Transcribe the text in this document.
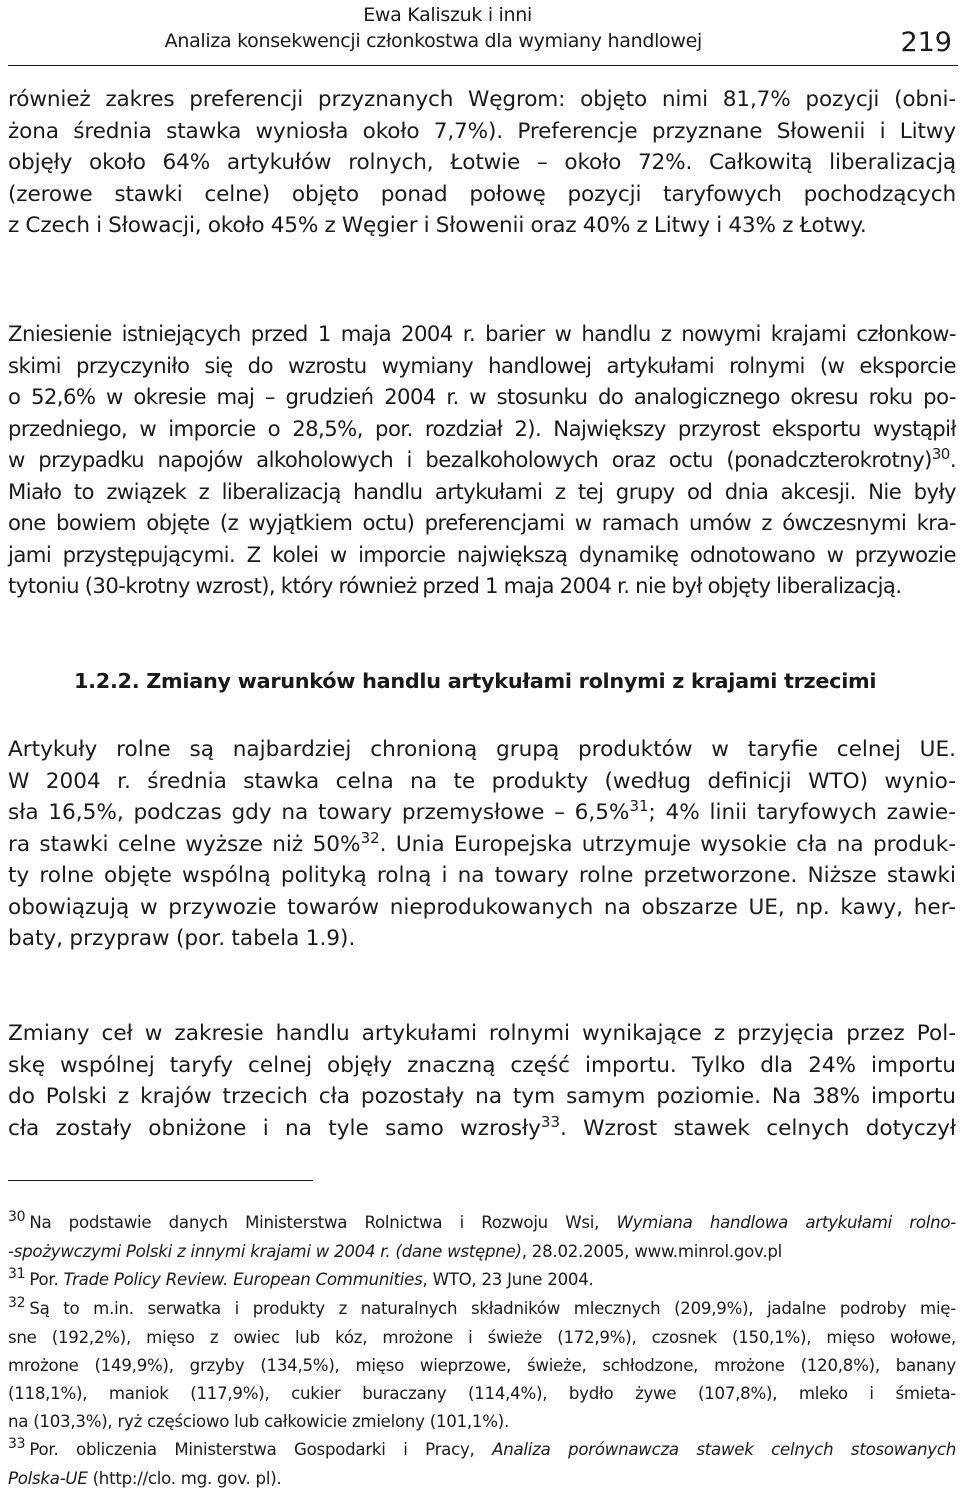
Ewa Kaliszuk i inni
Analiza konsekwencji członkostwa dla wymiany handlowej	219
również zakres preferencji przyznanych Węgrom: objęto nimi 81,7% pozycji (obni-
żona średnia stawka wyniosła około 7,7%). Preferencje przyznane Słowenii i Litwy
objęły około 64% artykułów rolnych, Łotwie – około 72%. Całkowitą liberalizacją
(zerowe stawki celne) objęto ponad połowę pozycji taryfowych pochodzących
z Czech i Słowacji, około 45% z Węgier i Słowenii oraz 40% z Litwy i 43% z Łotwy.
Zniesienie istniejących przed 1 maja 2004 r. barier w handlu z nowymi krajami członkow-
skimi przyczyniło się do wzrostu wymiany handlowej artykułami rolnymi (w eksporcie
o 52,6% w okresie maj – grudzień 2004 r. w stosunku do analogicznego okresu roku po-
przedniego, w imporcie o 28,5%, por. rozdział 2). Największy przyrost eksportu wystąpił
w przypadku napojów alkoholowych i bezalkoholowych oraz octu (ponadczterokrotny)$^{30}$.
Miało to związek z liberalizacją handlu artykułami z tej grupy od dnia akcesji. Nie były
one bowiem objęte (z wyjątkiem octu) preferencjami w ramach umów z ówczesnymi kra-
jami przystępującymi. Z kolei w imporcie największą dynamikę odnotowano w przywozie
tytoniu (30-krotny wzrost), który również przed 1 maja 2004 r. nie był objęty liberalizacją.
1.2.2. Zmiany warunków handlu artykułami rolnymi z krajami trzecimi
Artykuły rolne są najbardziej chronioną grupą produktów w taryfie celnej UE.
W 2004 r. średnia stawka celna na te produkty (według definicji WTO) wynio-
sła 16,5%, podczas gdy na towary przemysłowe – 6,5%$^{31}$; 4% linii taryfowych zawie-
ra stawki celne wyższe niż 50%$^{32}$. Unia Europejska utrzymuje wysokie cła na produk-
ty rolne objęte wspólną polityką rolną i na towary rolne przetworzone. Niższe stawki
obowiązują w przywozie towarów nieprodukowanych na obszarze UE, np. kawy, her-
baty, przypraw (por. tabela 1.9).
Zmiany ceł w zakresie handlu artykułami rolnymi wynikające z przyjęcia przez Pol-
skę wspólnej taryfy celnej objęły znaczną część importu. Tylko dla 24% importu
do Polski z krajów trzecich cła pozostały na tym samym poziomie. Na 38% importu
cła zostały obniżone i na tyle samo wzrosły$^{33}$. Wzrost stawek celnych dotyczył
$^{30}$ Na podstawie danych Ministerstwa Rolnictwa i Rozwoju Wsi, Wymiana handlowa artykułami rolno-
-spożywczymi Polski z innymi krajami w 2004 r. (dane wstępne), 28.02.2005, www.minrol.gov.pl
$^{31}$ Por. Trade Policy Review. European Communities, WTO, 23 June 2004.
$^{32}$ Są to m.in. serwatka i produkty z naturalnych składników mlecznych (209,9%), jadalne podroby mię-
sne (192,2%), mięso z owiec lub kóz, mrożone i świeże (172,9%), czosnek (150,1%), mięso wołowe,
mrożone (149,9%), grzyby (134,5%), mięso wieprzowe, świeże, schłodzone, mrożone (120,8%), banany
(118,1%), maniok (117,9%), cukier buraczany (114,4%), bydło żywe (107,8%), mleko i śmieta-
na (103,3%), ryż częściowo lub całkowicie zmielony (101,1%).
$^{33}$ Por. obliczenia Ministerstwa Gospodarki i Pracy, Analiza porównawcza stawek celnych stosowanych
Polska-UE (http://clo. mg. gov. pl).
